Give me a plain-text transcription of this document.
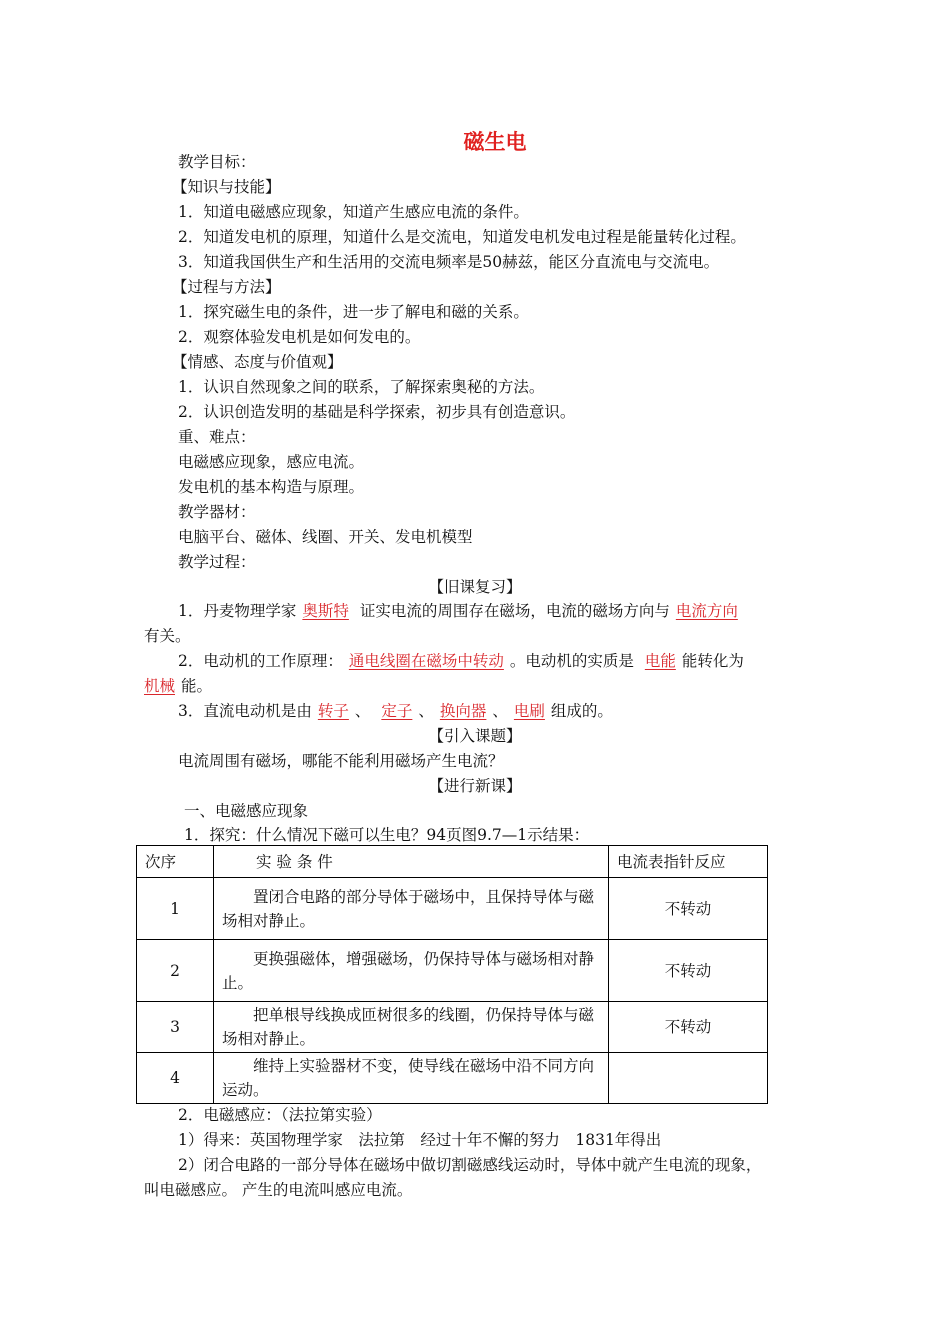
磁生电
教学目标：
【知识与技能】
1．知道电磁感应现象，知道产生感应电流的条件。
2．知道发电机的原理，知道什么是交流电，知道发电机发电过程是能量转化过程。
3．知道我国供生产和生活用的交流电频率是50赫兹，能区分直流电与交流电。
【过程与方法】
1．探究磁生电的条件，进一步了解电和磁的关系。
2．观察体验发电机是如何发电的。
【情感、态度与价值观】
1．认识自然现象之间的联系，了解探索奥秘的方法。
2．认识创造发明的基础是科学探索，初步具有创造意识。
重、难点：
电磁感应现象，感应电流。
发电机的基本构造与原理。
教学器材：
电脑平台、磁体、线圈、开关、发电机模型
教学过程：
【旧课复习】
1．丹麦物理学家 奥斯特 证实电流的周围存在磁场，电流的磁场方向与 电流方向
有关。
2．电动机的工作原理： 通电线圈在磁场中转动 。电动机的实质是 电能 能转化为
机械 能。
3．直流电动机是由 转子 、 定子 、 换向器 、 电刷 组成的。
【引入课题】
电流周围有磁场，哪能不能利用磁场产生电流？
【进行新课】
一、电磁感应现象
1．探究：什么情况下磁可以生电？94页图9.7—1示结果：
次序	实 验 条 件	电流表指针反应
1	置闭合电路的部分导体于磁场中，且保持导体与磁场相对静止。	不转动
2	更换强磁体，增强磁场，仍保持导体与磁场相对静止。	不转动
3	把单根导线换成匝树很多的线圈，仍保持导体与磁场相对静止。	不转动
4	维持上实验器材不变，使导线在磁场中沿不同方向运动。	
2．电磁感应：（法拉第实验）
1）得来：英国物理学家　法拉第　经过十年不懈的努力　1831年得出
2）闭合电路的一部分导体在磁场中做切割磁感线运动时，导体中就产生电流的现象，
叫电磁感应。 产生的电流叫感应电流。
